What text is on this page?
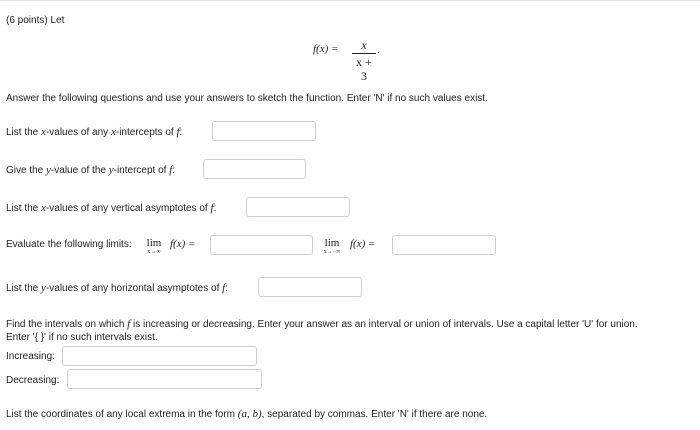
(6 points) Let
f(x) =	x
x + 3
.
Answer the following questions and use your answers to sketch the function. Enter 'N' if no such values exist.
List the x-values of any x-intercepts of f:
Give the y-value of the y-intercept of f:
List the x-values of any vertical asymptotes of f:
Evaluate the following limits:	lim
x→∞
f(x) =	lim
x→−∞
f(x) =
List the y-values of any horizontal asymptotes of f:
Find the intervals on which f is increasing or decreasing. Enter your answer as an interval or union of intervals. Use a capital letter 'U' for union.
Enter '{ }' if no such intervals exist.
Increasing:
Decreasing:
List the coordinates of any local extrema in the form (a, b), separated by commas. Enter 'N' if there are none.
